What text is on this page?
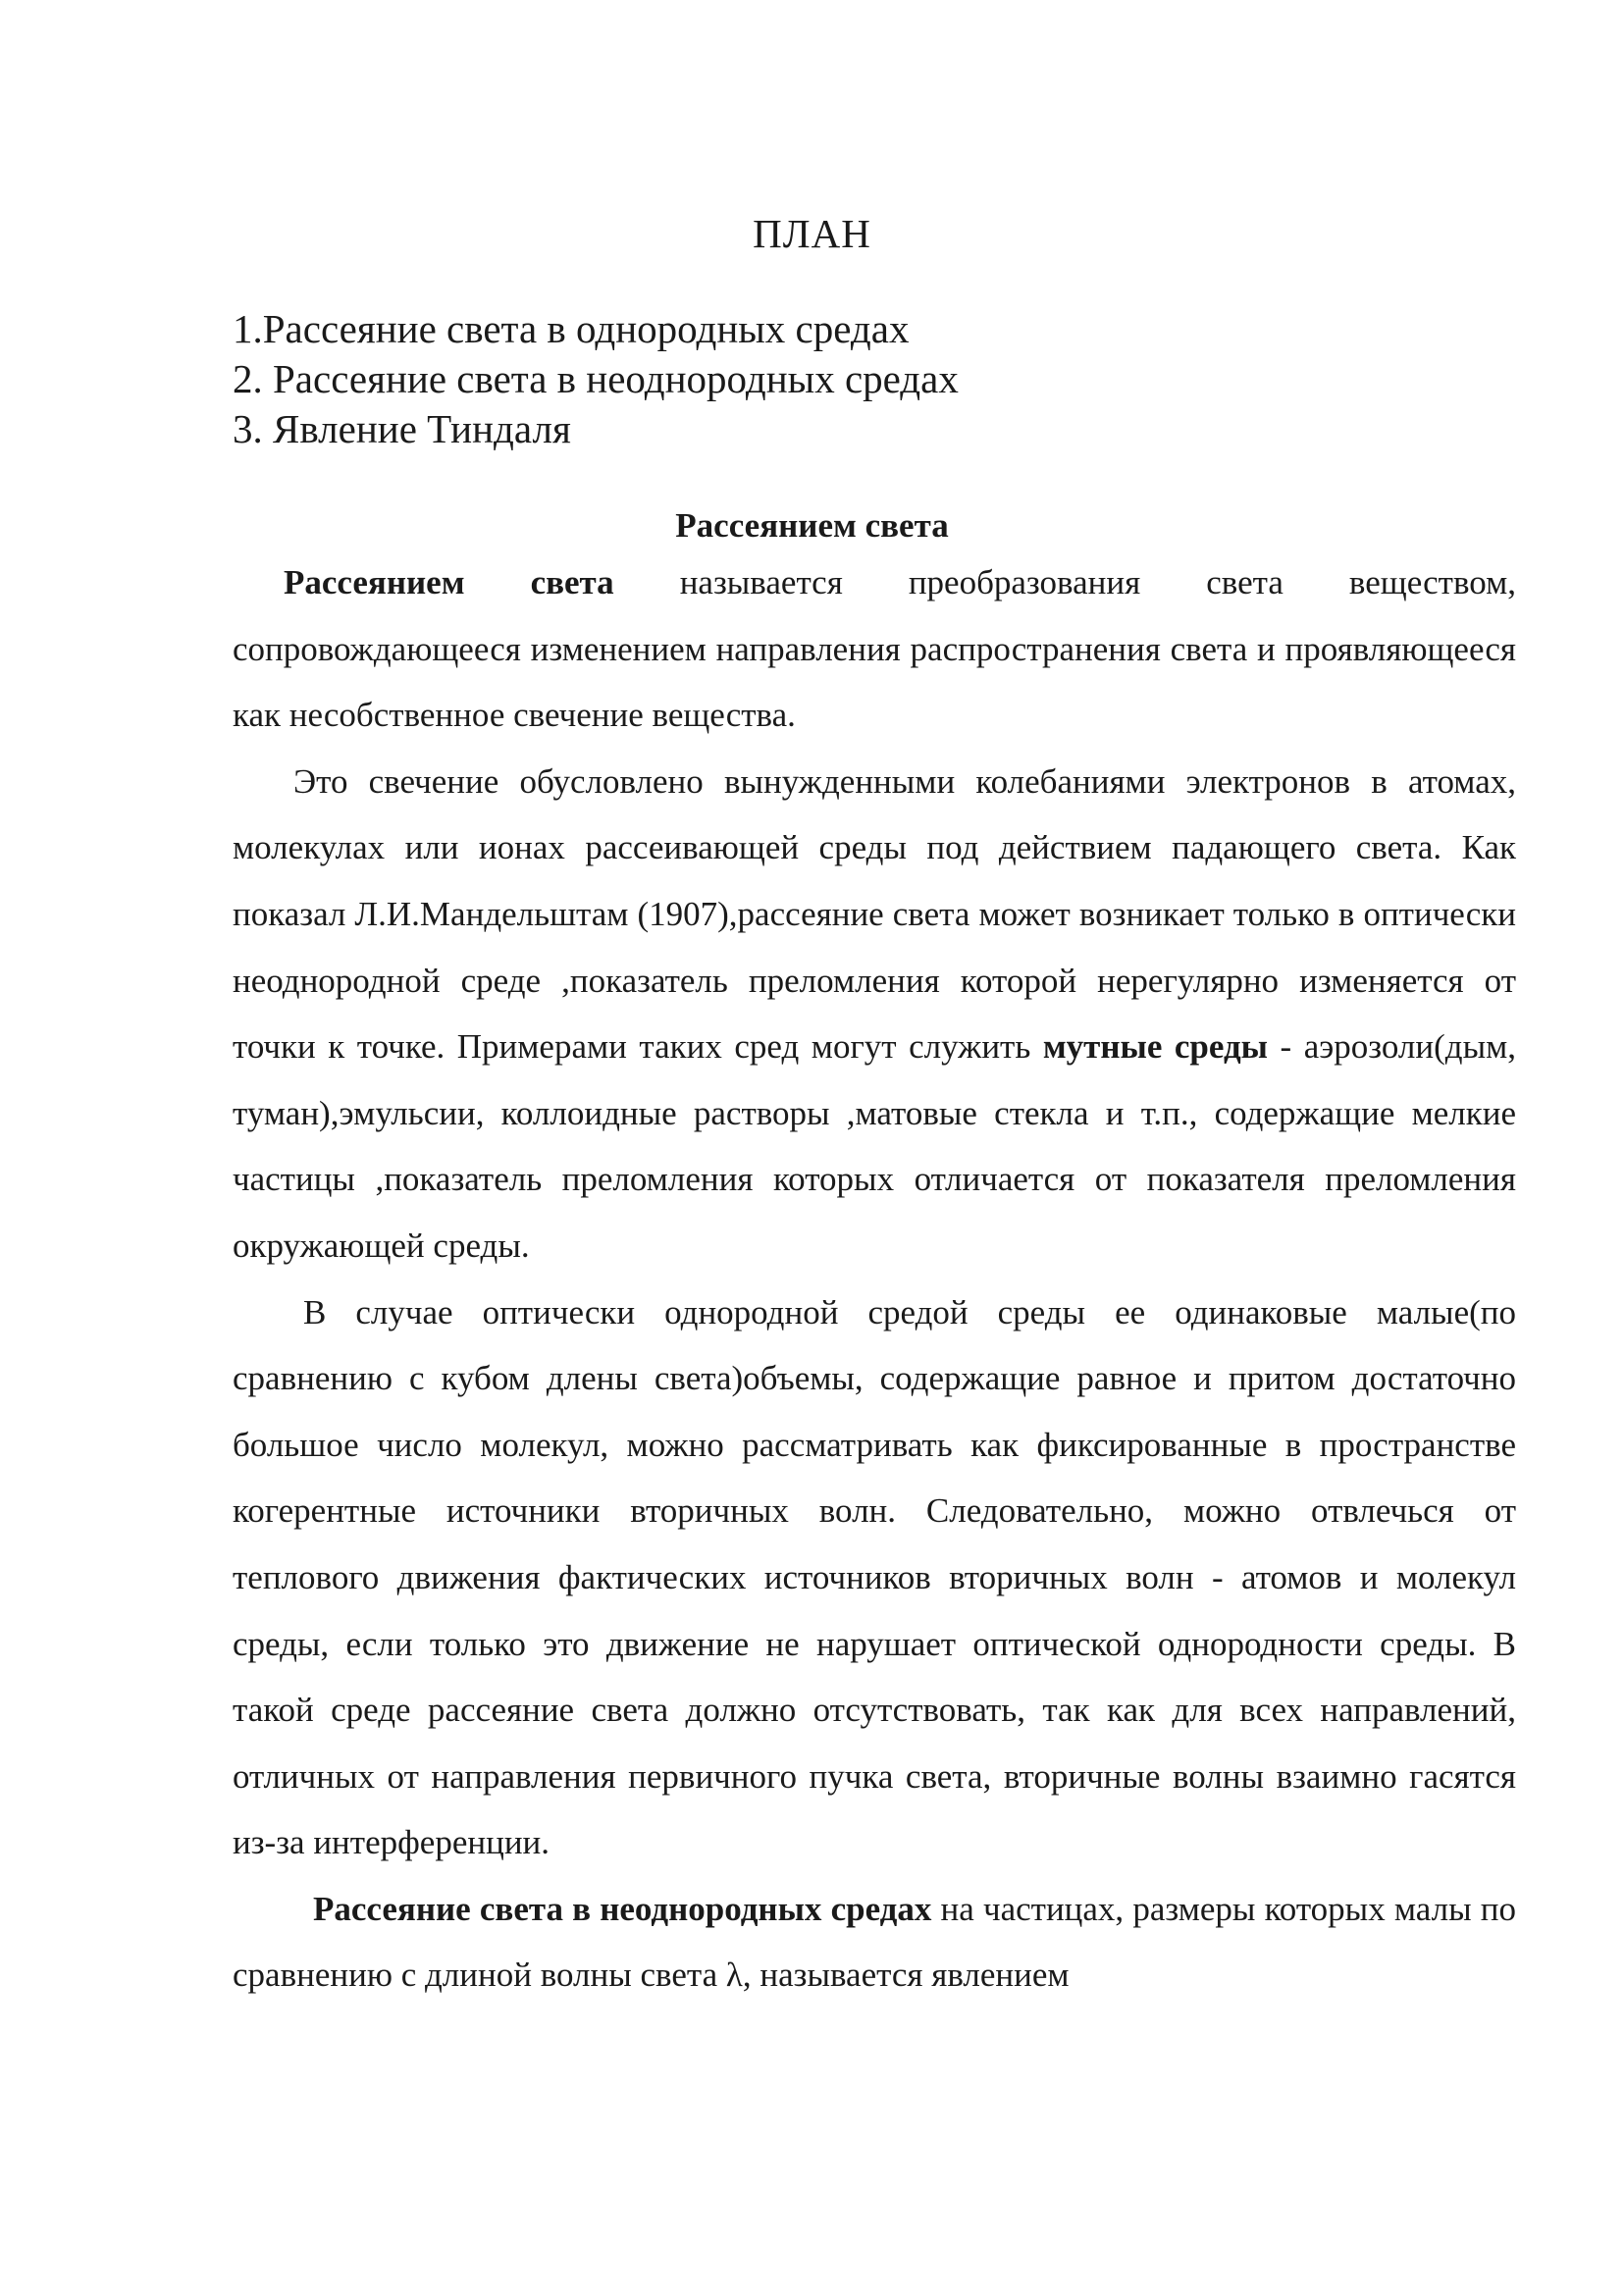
ПЛАН
1.Рассеяние света в однородных средах
2. Рассеяние света в неоднородных средах
3. Явление Тиндаля
Рассеянием света

Рассеянием света называется преобразования света веществом, сопровождающееся изменением направления распространения света и проявляющееся как несобственное свечение вещества.

Это свечение обусловлено вынужденными колебаниями электронов в атомах, молекулах или ионах рассеивающей среды под действием падающего света. Как показал Л.И.Мандельштам (1907),рассеяние света может возникает только в оптически неоднородной среде ,показатель преломления которой нерегулярно изменяется от точки к точке. Примерами таких сред могут служить мутные среды - аэрозоли(дым, туман),эмульсии, коллоидные растворы ,матовые стекла и т.п., содержащие мелкие частицы ,показатель преломления которых отличается от показателя преломления окружающей среды.

В случае оптически однородной средой среды ее одинаковые малые(по сравнению с кубом длены света)объемы, содержащие равное и притом достаточно большое число молекул, можно рассматривать как фиксированные в пространстве когерентные источники вторичных волн. Следовательно, можно отвлечься от теплового движения фактических источников вторичных волн - атомов и молекул среды, если только это движение не нарушает оптической однородности среды. В такой среде рассеяние света должно отсутствовать, так как для всех направлений, отличных от направления первичного пучка света, вторичные волны взаимно гасятся из-за интерференции.

Рассеяние света в неоднородных средах на частицах, размеры которых малы по сравнению с длиной волны света λ, называется явлением
